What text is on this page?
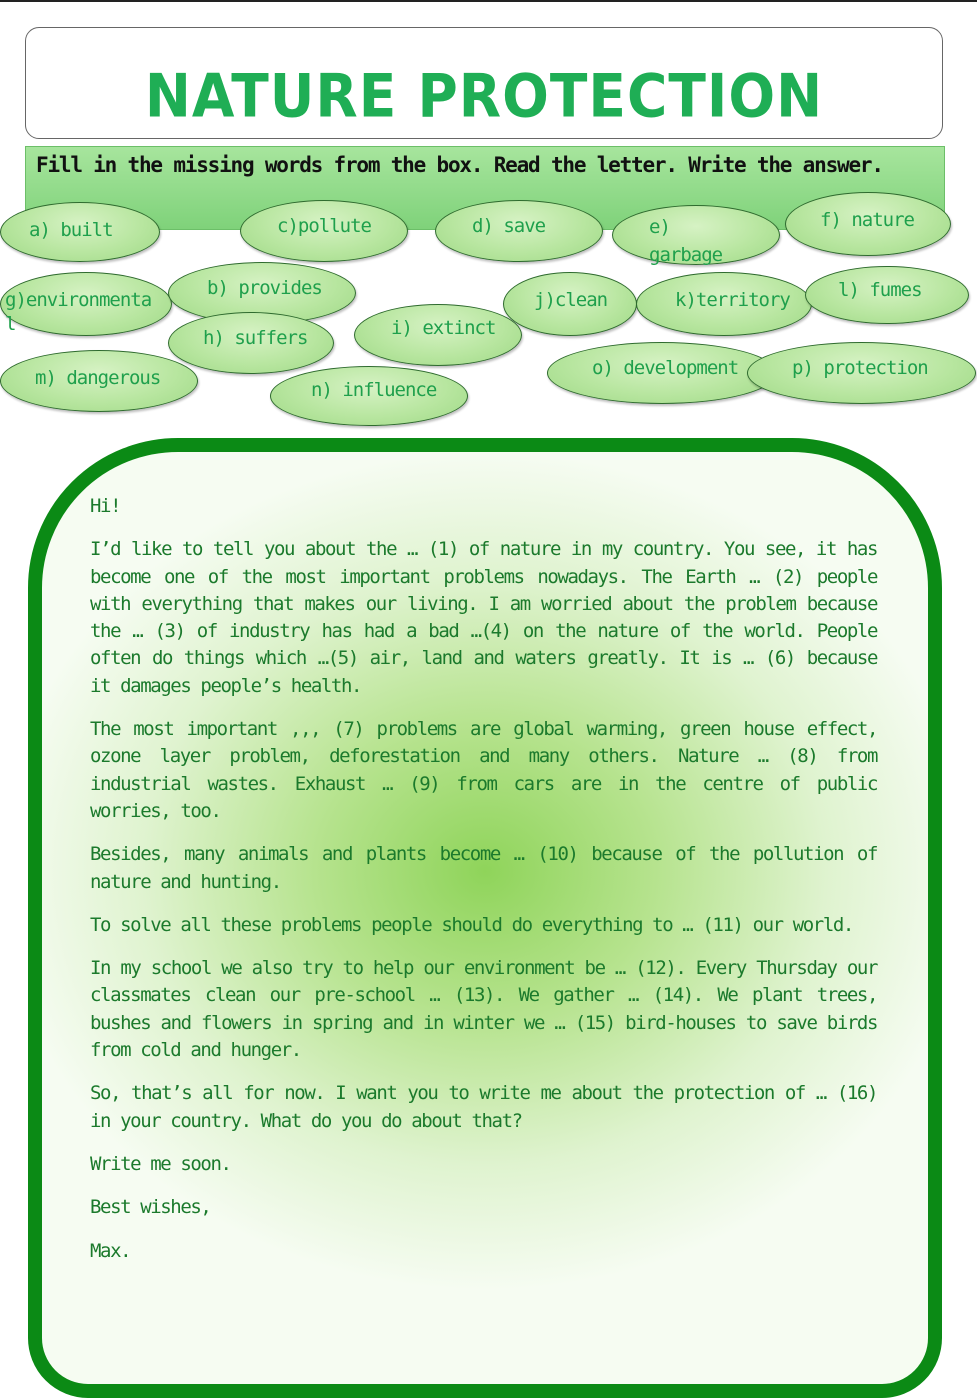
NATURE PROTECTION
Fill in the missing words from the box. Read the letter. Write the answer.
a) built	c)pollute	d) save	e)
garbage
f) nature
g)environmenta
l
b) provides
j)clean	k)territory	l) fumes
h) suffers	i) extinct
m) dangerous
n) influence
o) development	p) protection

Hi!

I’d like to tell you about the … (1) of nature in my country. You see, it has become one of the most important problems nowadays. The Earth … (2) people with everything that makes our living. I am worried about the problem because the … (3) of industry has had a bad …(4) on the nature of the world. People often do things which …(5) air, land and waters greatly. It is … (6) because it damages people’s health.

The most important ,,, (7) problems are global warming, green house effect, ozone layer problem, deforestation and many others. Nature … (8) from industrial wastes. Exhaust … (9) from cars are in the centre of public worries, too.

Besides, many animals and plants become … (10) because of the pollution of nature and hunting.

To solve all these problems people should do everything to … (11) our world.

In my school we also try to help our environment be … (12). Every Thursday our classmates clean our pre-school … (13). We gather … (14). We plant trees, bushes and flowers in spring and in winter we … (15) bird-houses to save birds from cold and hunger.

So, that’s all for now. I want you to write me about the protection of … (16) in your country. What do you do about that?

Write me soon.

Best wishes,

Max.
